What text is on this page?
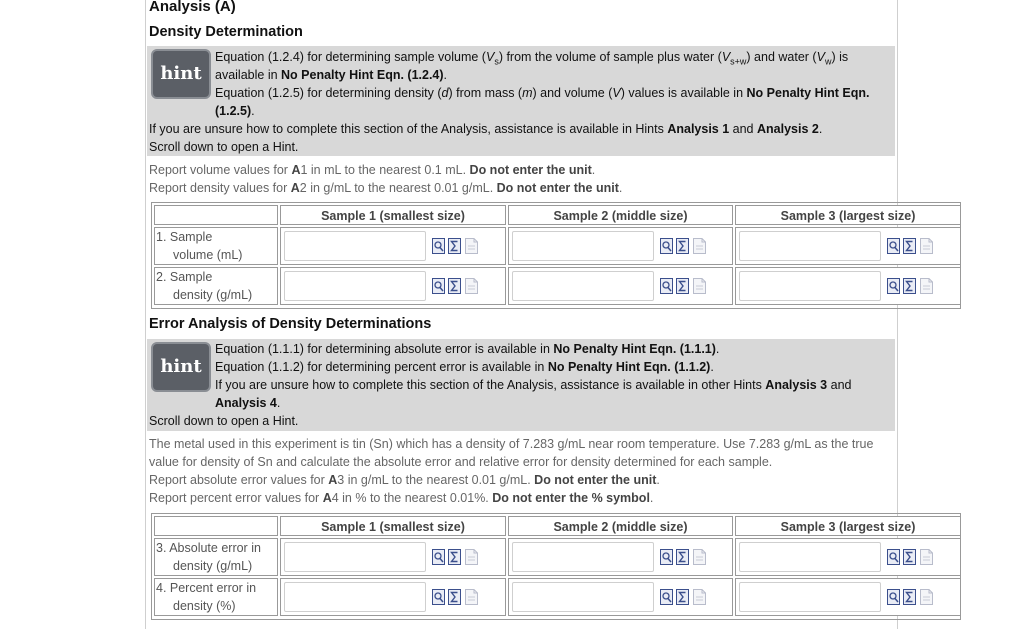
Analysis (A)
Density Determination
hint
Equation (1.2.4) for determining sample volume $(V_s)$ from the volume of sample plus water $(V_{s+w})$ and water $(V_w)$ is
available in No Penalty Hint Eqn. (1.2.4).
Equation (1.2.5) for determining density (d) from mass (m) and volume (V) values is available in No Penalty Hint Eqn.
(1.2.5).
If you are unsure how to complete this section of the Analysis, assistance is available in Hints Analysis 1 and Analysis 2.
Scroll down to open a Hint.
Report volume values for A1 in mL to the nearest 0.1 mL. Do not enter the unit.
Report density values for A2 in g/mL to the nearest 0.01 g/mL. Do not enter the unit.
Sample 1 (smallest size)	Sample 2 (middle size)	Sample 3 (largest size)
1. Sample

volume (mL)
2. Sample

density (g/mL)
Error Analysis of Density Determinations
hint
Equation (1.1.1) for determining absolute error is available in No Penalty Hint Eqn. (1.1.1).
Equation (1.1.2) for determining percent error is available in No Penalty Hint Eqn. (1.1.2).
If you are unsure how to complete this section of the Analysis, assistance is available in other Hints Analysis 3 and
Analysis 4.
Scroll down to open a Hint.
The metal used in this experiment is tin (Sn) which has a density of 7.283 g/mL near room temperature. Use 7.283 g/mL as the true
value for density of Sn and calculate the absolute error and relative error for density determined for each sample.
Report absolute error values for A3 in g/mL to the nearest 0.01 g/mL. Do not enter the unit.
Report percent error values for A4 in % to the nearest 0.01%. Do not enter the % symbol.
Sample 1 (smallest size)	Sample 2 (middle size)	Sample 3 (largest size)
3. Absolute error in

density (g/mL)
4. Percent error in

density (%)
